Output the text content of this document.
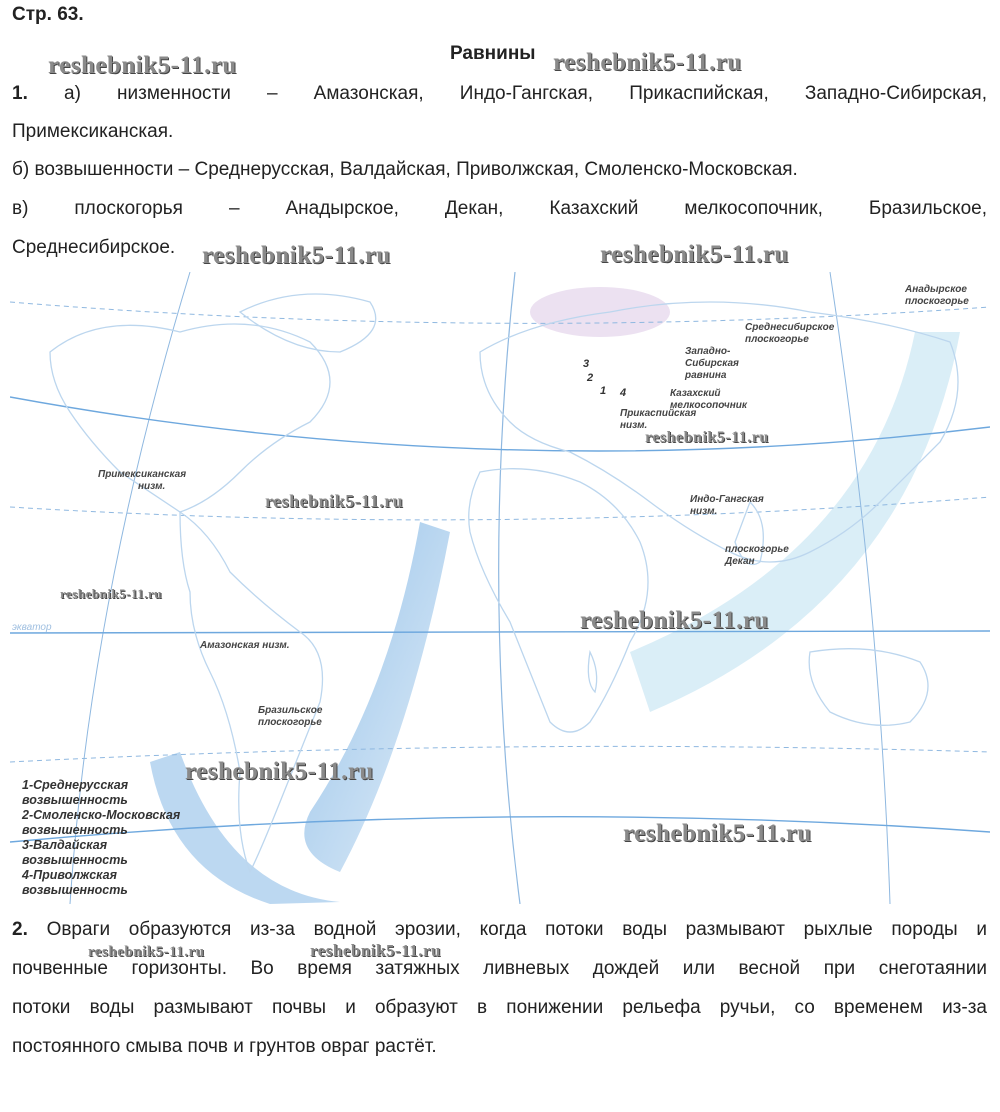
Стр. 63.
Равнины
1. а) низменности – Амазонская, Индо-Гангская, Прикаспийская, Западно-Сибирская,
Примексиканская.
б) возвышенности – Среднерусская, Валдайская, Приволжская, Смоленско-Московская.
в) плоскогорья – Анадырское, Декан, Казахский мелкосопочник, Бразильское,
Среднесибирское.
Анадырское
плоскогорье
Среднесибирское
плоскогорье
Западно-
Сибирская
равнина
Казахский
мелкосопочник
Прикаспийская
низм.
Примексиканская
низм.
Индо-Гангская
низм.
плоскогорье
Декан
Амазонская низм.
Бразильское
плоскогорье
экватор
3
2
1 4
1-Среднерусская
возвышенность
2-Смоленско-Московская
возвышенность
3-Валдайская
возвышенность
4-Приволжская
возвышенность
2. Овраги образуются из-за водной эрозии, когда потоки воды размывают рыхлые породы и
почвенные горизонты. Во время затяжных ливневых дождей или весной при снеготаянии
потоки воды размывают почвы и образуют в понижении рельефа ручьи, со временем из-за
постоянного смыва почв и грунтов овраг растёт.
reshebnik5-11.ru	reshebnik5-11.ru
reshebnik5-11.ru	reshebnik5-11.ru
reshebnik5-11.ru
reshebnik5-11.ru
reshebnik5-11.ru
reshebnik5-11.ru
reshebnik5-11.ru
reshebnik5-11.ru
reshebnik5-11.ru	reshebnik5-11.ru
